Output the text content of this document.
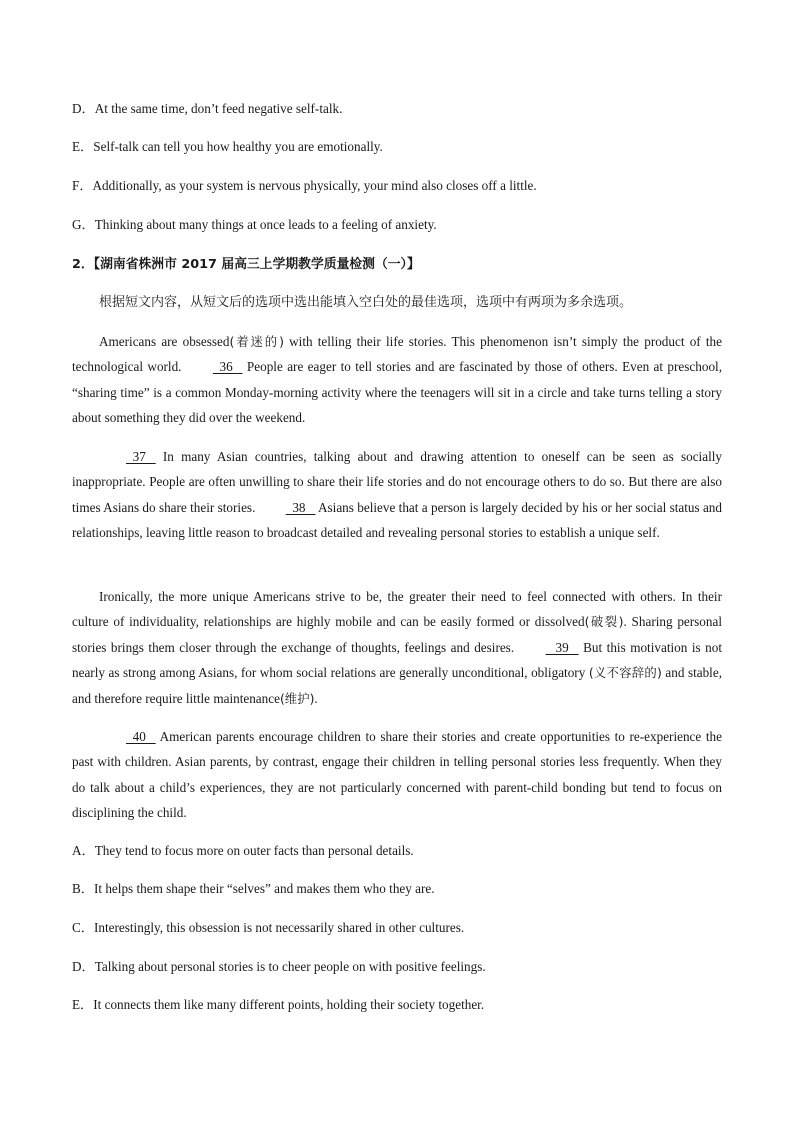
D．At the same time, don’t feed negative self-talk.
E．Self-talk can tell you how healthy you are emotionally.
F．Additionally, as your system is nervous physically, your mind also closes off a little.
G．Thinking about many things at once leads to a feeling of anxiety.
2．【湖南省株洲市 2017 届高三上学期教学质量检测（一）】
根据短文内容，从短文后的选项中选出能填入空白处的最佳选项，选项中有两项为多余选项。
Americans are obsessed(着迷的) with telling their life stories. This phenomenon isn’t simply the product of the technological world.   36    People are eager to tell stories and are fascinated by those of others. Even at preschool, “sharing time” is a common Monday-morning activity where the teenagers will sit in a circle and take turns telling a story about something they did over the weekend.
37    In many Asian countries, talking about and drawing attention to oneself can be seen as socially inappropriate. People are often unwilling to share their life stories and do not encourage others to do so. But there are also times Asians do share their stories.   38    Asians believe that a person is largely decided by his or her social status and relationships, leaving little reason to broadcast detailed and revealing personal stories to establish a unique self.
Ironically, the more unique Americans strive to be, the greater their need to feel connected with others. In their culture of individuality, relationships are highly mobile and can be easily formed or dissolved(破裂). Sharing personal stories brings them closer through the exchange of thoughts, feelings and desires.    39    But this motivation is not nearly as strong among Asians, for whom social relations are generally unconditional, obligatory (义不容辞的) and stable, and therefore require little maintenance(维护).
40    American parents encourage children to share their stories and create opportunities to re-experience the past with children. Asian parents, by contrast, engage their children in telling personal stories less frequently. When they do talk about a child’s experiences, they are not particularly concerned with parent-child bonding but tend to focus on disciplining the child.
A．They tend to focus more on outer facts than personal details.
B．It helps them shape their “selves” and makes them who they are.
C．Interestingly, this obsession is not necessarily shared in other cultures.
D．Talking about personal stories is to cheer people on with positive feelings.
E．It connects them like many different points, holding their society together.
